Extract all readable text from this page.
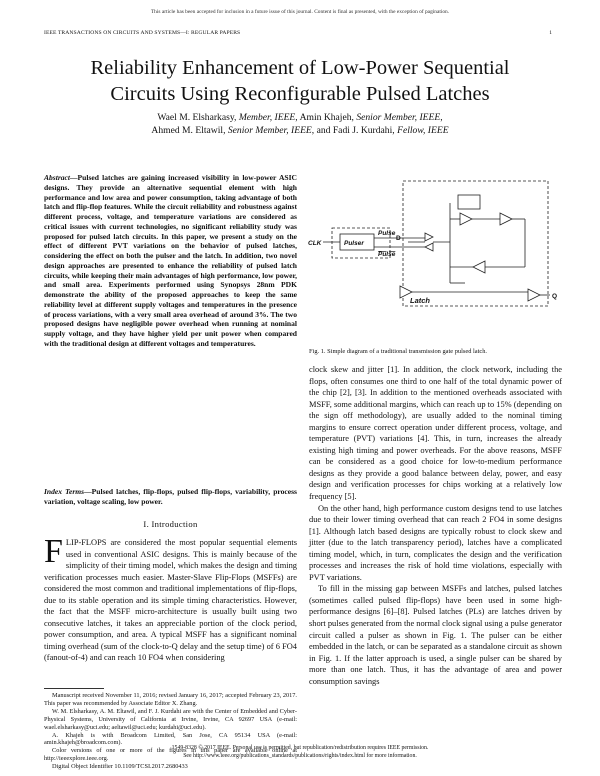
This article has been accepted for inclusion in a future issue of this journal. Content is final as presented, with the exception of pagination.
IEEE TRANSACTIONS ON CIRCUITS AND SYSTEMS—I: REGULAR PAPERS	1
Reliability Enhancement of Low-Power Sequential
Circuits Using Reconfigurable Pulsed Latches
Wael M. Elsharkasy, Member, IEEE, Amin Khajeh, Senior Member, IEEE,
Ahmed M. Eltawil, Senior Member, IEEE, and Fadi J. Kurdahi, Fellow, IEEE
Abstract—Pulsed latches are gaining increased visibility in low-power ASIC designs. They provide an alternative sequential element with high performance and low area and power consumption, taking advantage of both latch and flip-flop features. While the circuit reliability and robustness against different process, voltage, and temperature variations are considered as critical issues with current technologies, no significant reliability study was proposed for pulsed latch circuits. In this paper, we present a study on the effect of different PVT variations on the behavior of pulsed latches, considering the effect on both the pulser and the latch. In addition, two novel design approaches are presented to enhance the reliability of pulsed latch circuits, while keeping their main advantages of high performance, low power, and small area. Experiments performed using Synopsys 28nm PDK demonstrate the ability of the proposed approaches to keep the same reliability level at different supply voltages and temperatures in the presence of process variations, with a very small area overhead of around 3%. The two proposed designs have negligible power overhead when running at nominal supply voltage, and they have higher yield per unit power when compared with the traditional design at different voltages and temperatures.
Index Terms—Pulsed latches, flip-flops, pulsed flip-flops, variability, process variation, voltage scaling, low power.
I. Introduction
FLIP-FLOPS are considered the most popular sequential elements used in conventional ASIC designs. This is mainly because of the simplicity of their timing model, which makes the design and timing verification processes much easier. Master-Slave Flip-Flops (MSFFs) are considered the most common and traditional implementations of flip-flops, due to its stable operation and its simple timing characteristics. However, the fact that the MSFF micro-architecture is usually built using two consecutive latches, it takes an appreciable portion of the clock period, power consumption, and area. A typical MSFF has a significant nominal timing overhead (sum of the clock-to-Q delay and the setup time) of 6 FO4 (fanout-of-4) and can reach 10 FO4 when considering

Manuscript received November 11, 2016; revised January 16, 2017; accepted February 23, 2017. This paper was recommended by Associate Editor X. Zhang.

W. M. Elsharkasy, A. M. Eltawil, and F. J. Kurdahi are with the Center of Embedded and Cyber-Physical Systems, University of California at Irvine, Irvine, CA 92697 USA (e-mail: wael.elsharkasy@uci.edu; aeltawil@uci.edu; kurdahi@uci.edu).

A. Khajeh is with Broadcom Limited, San Jose, CA 95134 USA (e-mail: amin.khajeh@broadcom.com).

Color versions of one or more of the figures in this paper are available online at http://ieeexplore.ieee.org.

Digital Object Identifier 10.1109/TCSI.2017.2680433

CLK	Pulser
Pulse
Pulse
D
Q
Latch
Fig. 1. Simple diagram of a traditional transmission gate pulsed latch.

clock skew and jitter [1]. In addition, the clock network, including the flops, often consumes one third to one half of the total dynamic power of the chip [2], [3]. In addition to the mentioned overheads associated with MSFF, some additional margins, which can reach up to 15% (depending on the sign off methodology), are usually added to the nominal timing margins to ensure correct operation under different process, voltage, and temperature (PVT) variations [4]. This, in turn, increases the already existing high timing and power overheads. For the above reasons, MSFF can be considered as a good choice for low-to-medium performance designs as they provide a good balance between delay, power, and easy design and verification processes for chips working at a relatively low frequency [5].

On the other hand, high performance custom designs tend to use latches due to their lower timing overhead that can reach 2 FO4 in some designs [1]. Although latch based designs are typically robust to clock skew and jitter (due to the latch transparency period), latches have a complicated timing model, which, in turn, complicates the design and the verification processes and increases the risk of hold time violations, especially with PVT variations.

To fill in the missing gap between MSFFs and latches, pulsed latches (sometimes called pulsed flip-flops) have been used in some high-performance designs [6]–[8]. Pulsed latches (PLs) are latches driven by short pulses generated from the normal clock signal using a pulse generator circuit called a pulser as shown in Fig. 1. The pulser can be either embedded in the latch, or can be separated as a standalone circuit as shown in Fig. 1. If the latter approach is used, a single pulser can be shared by more than one latch. Thus, it has the advantage of area and power consumption savings

1549-8328 © 2017 IEEE. Personal use is permitted, but republication/redistribution requires IEEE permission.
See http://www.ieee.org/publications_standards/publications/rights/index.html for more information.
